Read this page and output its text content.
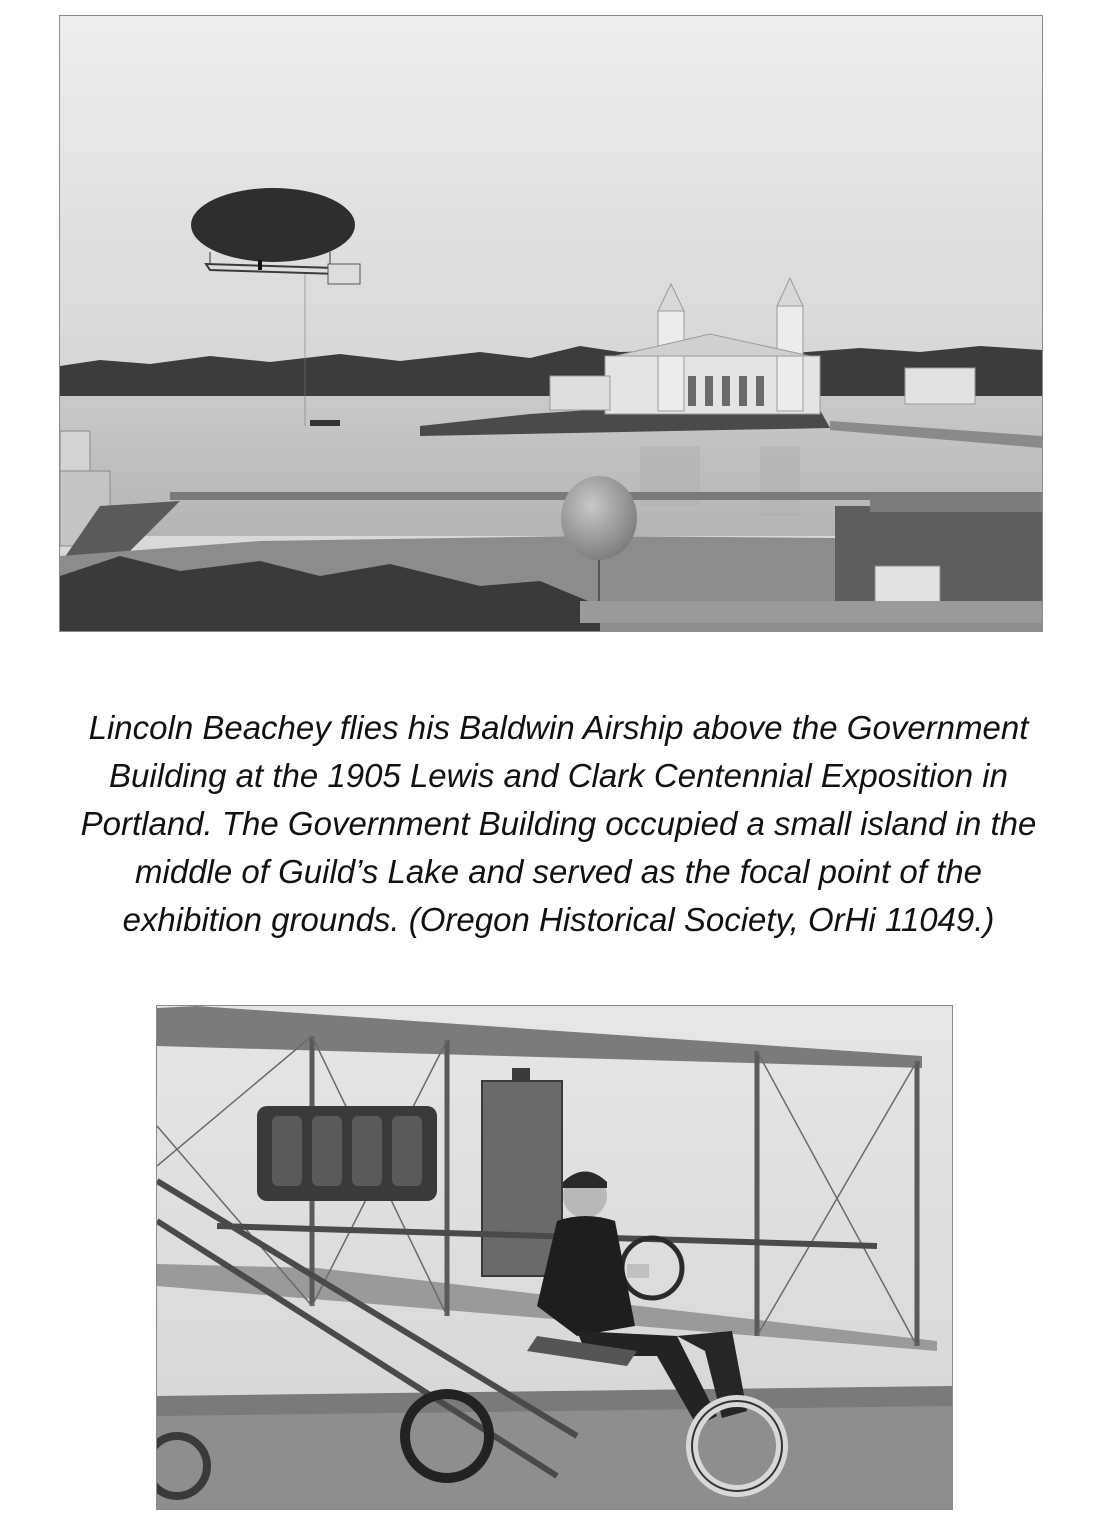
Lincoln Beachey flies his Baldwin Airship above the Government
Building at the 1905 Lewis and Clark Centennial Exposition in
Portland. The Government Building occupied a small island in the
middle of Guild’s Lake and served as the focal point of the
exhibition grounds. (Oregon Historical Society, OrHi 11049.)
